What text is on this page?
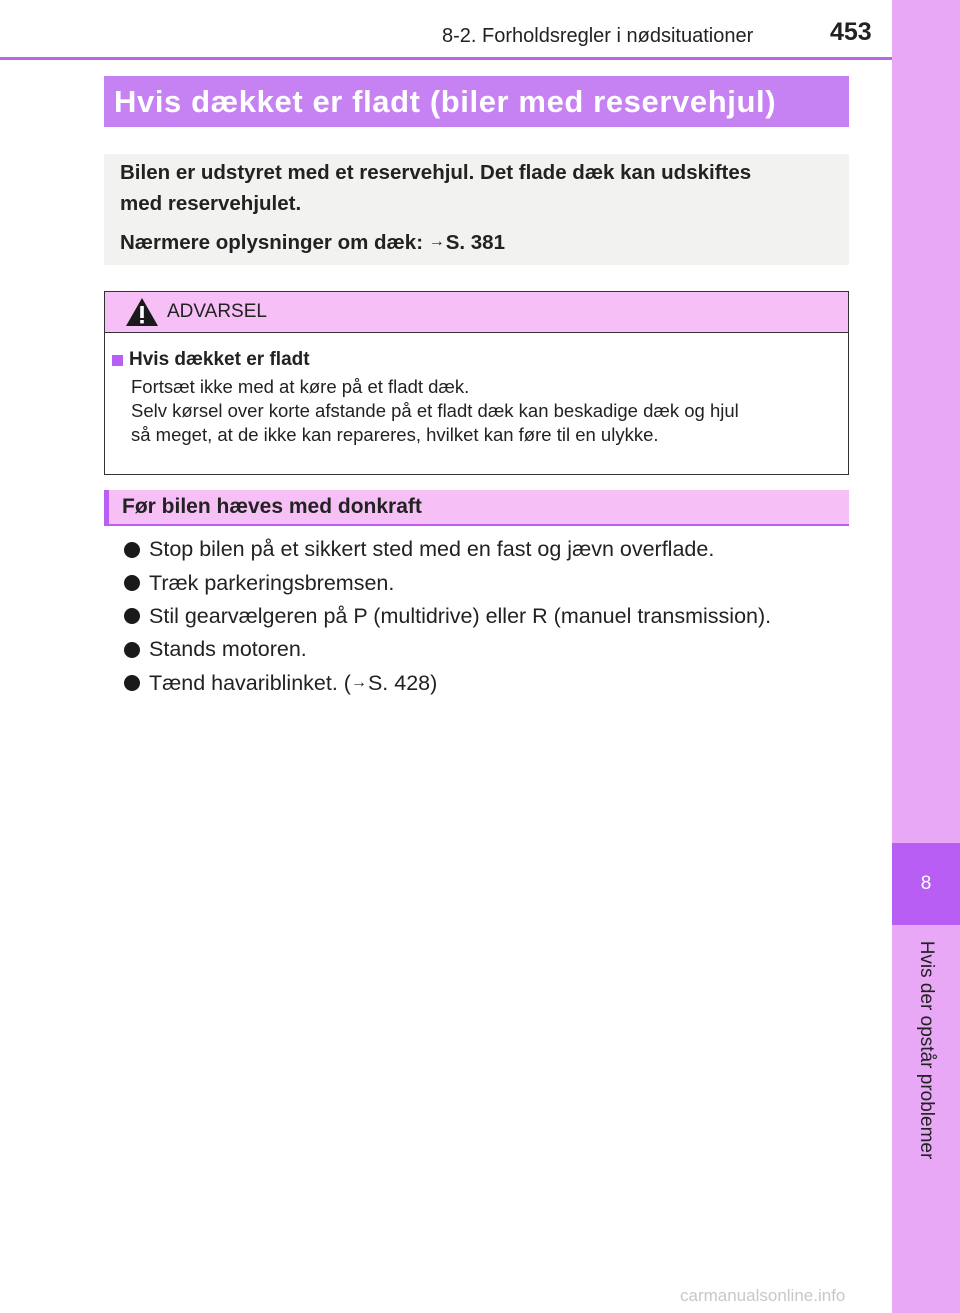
8-2. Forholdsregler i nødsituationer	453
8
Hvis der opstår problemer
Hvis dækket er fladt (biler med reservehjul)

Bilen er udstyret med et reservehjul. Det flade dæk kan udskiftes

med reservehjulet.

Nærmere oplysninger om dæk: →S. 381

ADVARSEL
Hvis dækket er fladt
Fortsæt ikke med at køre på et fladt dæk.
Selv kørsel over korte afstande på et fladt dæk kan beskadige dæk og hjul
så meget, at de ikke kan repareres, hvilket kan føre til en ulykke.
Før bilen hæves med donkraft
Stop bilen på et sikkert sted med en fast og jævn overflade.
Træk parkeringsbremsen.
Stil gearvælgeren på P (multidrive) eller R (manuel transmission).
Stands motoren.
Tænd havariblinket. ( → S. 428)
carmanualsonline.info
